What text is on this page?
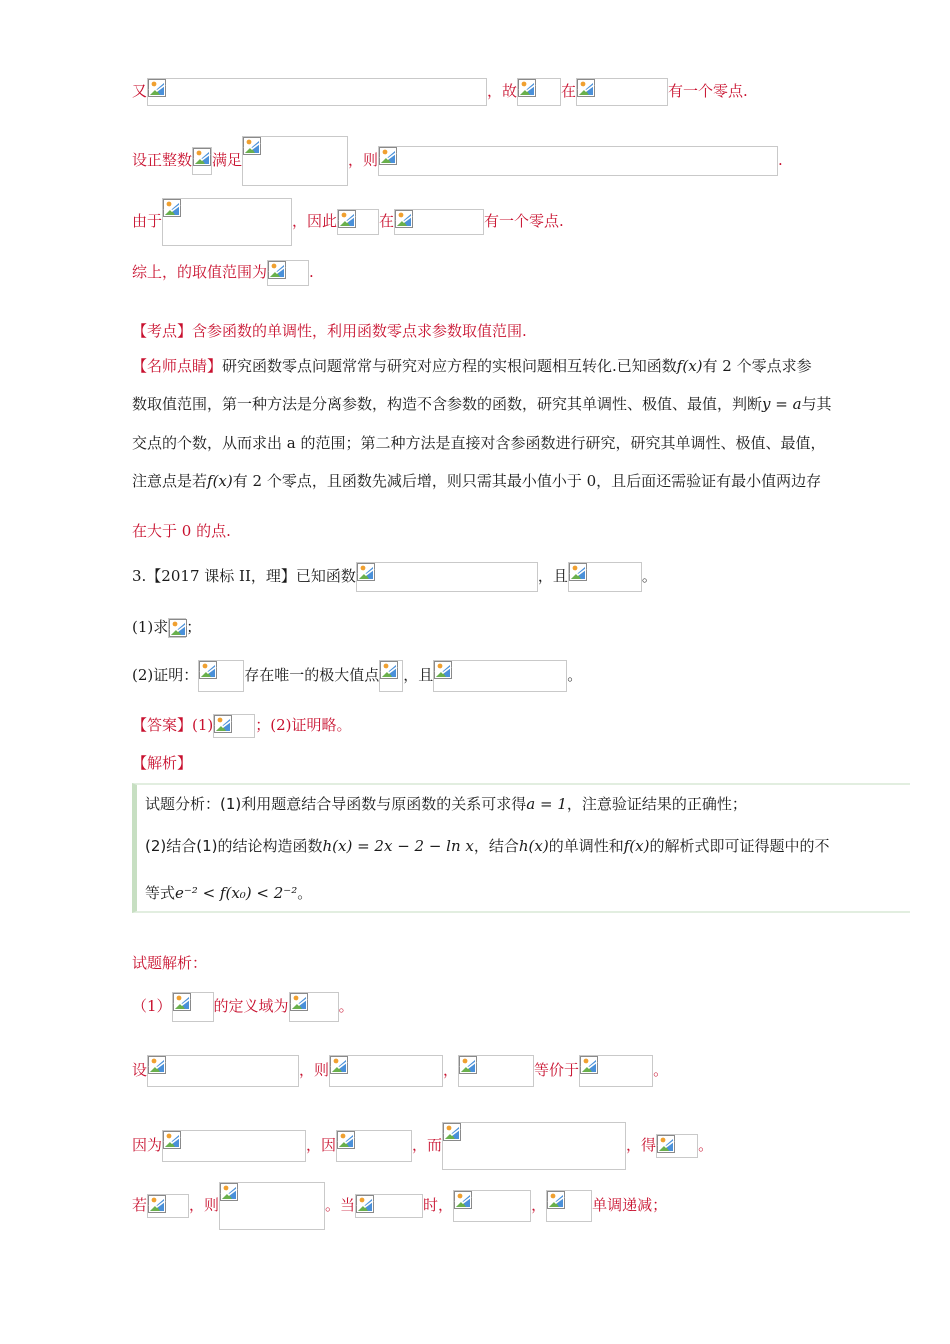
又	，故	在	有一个零点.
设正整数 满足	，则	.
由于	，因此	在	有一个零点.
综上，的取值范围为	.
【考点】含参函数的单调性，利用函数零点求参数取值范围.
【名师点睛】研究函数零点问题常常与研究对应方程的实根问题相互转化.已知函数f(x)有 2 个零点求参
数取值范围，第一种方法是分离参数，构造不含参数的函数，研究其单调性、极值、最值，判断y = a与其
交点的个数，从而求出 a 的范围；第二种方法是直接对含参函数进行研究，研究其单调性、极值、最值，
注意点是若f(x)有 2 个零点，且函数先减后增，则只需其最小值小于 0，且后面还需验证有最小值两边存
在大于 0 的点.
3.【2017 课标 II，理】已知函数	，且	。
(1)求 ；
(2)证明：	存在唯一的极大值点 ，且	。
【答案】(1)	；(2)证明略。
【解析】
试题分析：(1)利用题意结合导函数与原函数的关系可求得a = 1，注意验证结果的正确性；
(2)结合(1)的结论构造函数h(x) = 2x − 2 − ln x，结合h(x)的单调性和f(x)的解析式即可证得题中的不
等式e⁻² < f(x₀) < 2⁻²。
试题解析：
（1）	的定义域为	。
设	，则	，	等价于	。
因为	，因	，而	，得	。
若	，则	。当	时，	，	单调递减；
